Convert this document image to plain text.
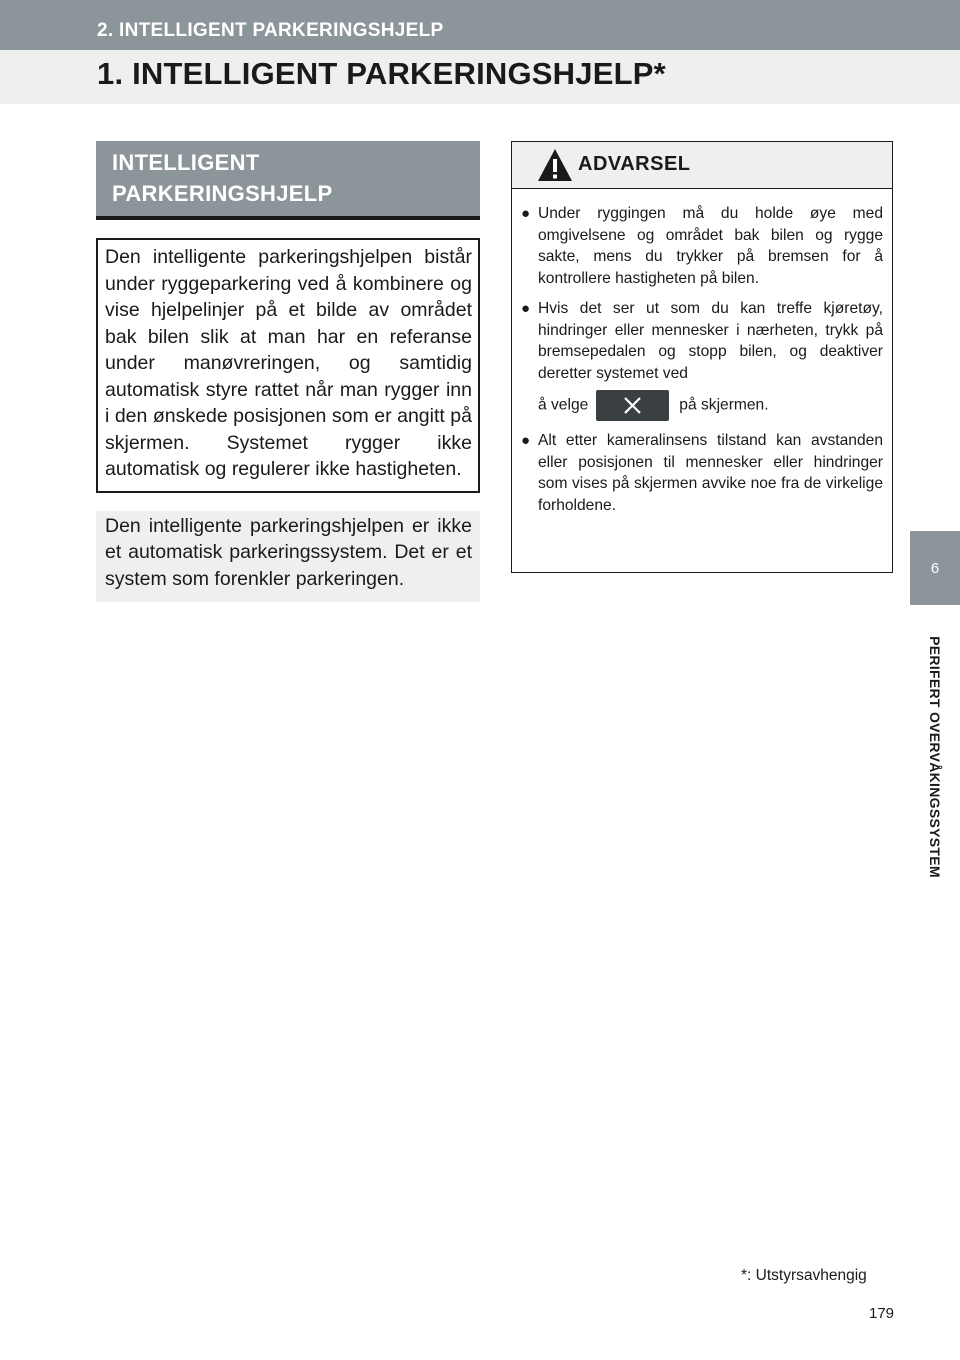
2. INTELLIGENT PARKERINGSHJELP
1. INTELLIGENT PARKERINGSHJELP*
6
PERIFERT OVERVÅKINGSSYSTEM
INTELLIGENT PARKERINGSHJELP

Den intelligente parkeringshjelpen bistår under ryggeparkering ved å kombinere og vise hjelpelinjer på et bilde av området bak bilen slik at man har en referanse under manøvreringen, og samtidig automatisk styre rattet når man rygger inn i den ønskede posisjonen som er angitt på skjermen. Systemet rygger ikke automatisk og regulerer ikke hastigheten.

Den intelligente parkeringshjelpen er ikke et automatisk parkeringssystem. Det er et system som forenkler parkeringen.

ADVARSEL
● Under ryggingen må du holde øye med omgivelsene og området bak bilen og rygge sakte, mens du trykker på bremsen for å kontrollere hastigheten på bilen.
● Hvis det ser ut som du kan treffe kjøretøy, hindringer eller mennesker i nærheten, trykk på bremsepedalen og stopp bilen, og deaktiver deretter systemet ved
å velge	på skjermen.
● Alt etter kameralinsens tilstand kan avstanden eller posisjonen til mennesker eller hindringer som vises på skjermen avvike noe fra de virkelige forholdene.
*: Utstyrsavhengig
179
